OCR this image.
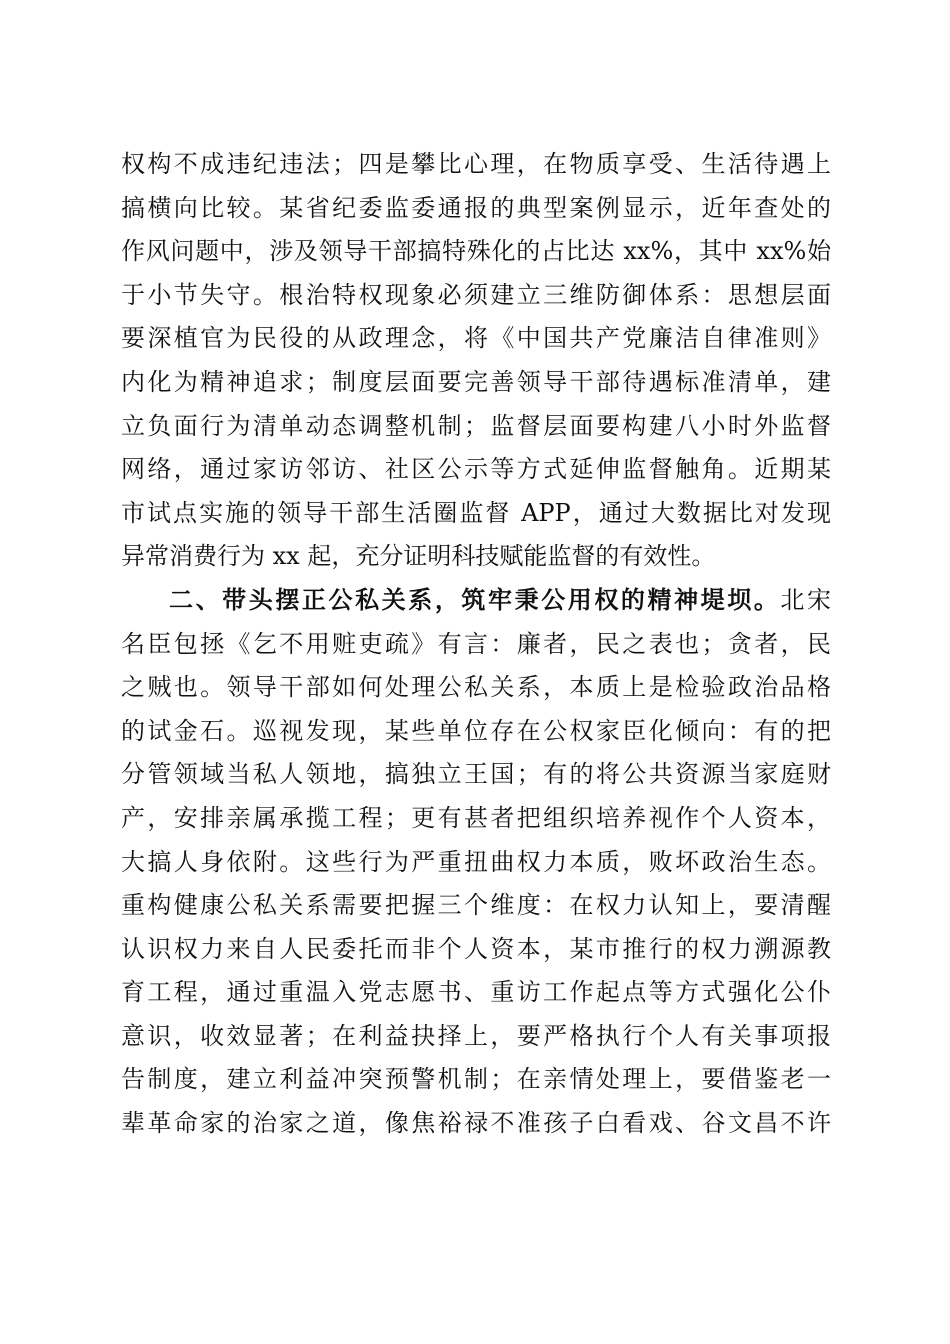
权构不成违纪违法；四是攀比心理，在物质享受、生活待遇上
搞横向比较。某省纪委监委通报的典型案例显示，近年查处的
作风问题中，涉及领导干部搞特殊化的占比达 xx%，其中 xx%始
于小节失守。根治特权现象必须建立三维防御体系：思想层面
要深植官为民役的从政理念，将《中国共产党廉洁自律准则》
内化为精神追求；制度层面要完善领导干部待遇标准清单，建
立负面行为清单动态调整机制；监督层面要构建八小时外监督
网络，通过家访邻访、社区公示等方式延伸监督触角。近期某
市试点实施的领导干部生活圈监督 APP，通过大数据比对发现
异常消费行为 xx 起，充分证明科技赋能监督的有效性。
二、带头摆正公私关系，筑牢秉公用权的精神堤坝。北宋
名臣包拯《乞不用赃吏疏》有言：廉者，民之表也；贪者，民
之贼也。领导干部如何处理公私关系，本质上是检验政治品格
的试金石。巡视发现，某些单位存在公权家臣化倾向：有的把
分管领域当私人领地，搞独立王国；有的将公共资源当家庭财
产，安排亲属承揽工程；更有甚者把组织培养视作个人资本，
大搞人身依附。这些行为严重扭曲权力本质，败坏政治生态。
重构健康公私关系需要把握三个维度：在权力认知上，要清醒
认识权力来自人民委托而非个人资本，某市推行的权力溯源教
育工程，通过重温入党志愿书、重访工作起点等方式强化公仆
意识，收效显著；在利益抉择上，要严格执行个人有关事项报
告制度，建立利益冲突预警机制；在亲情处理上，要借鉴老一
辈革命家的治家之道，像焦裕禄不准孩子白看戏、谷文昌不许
